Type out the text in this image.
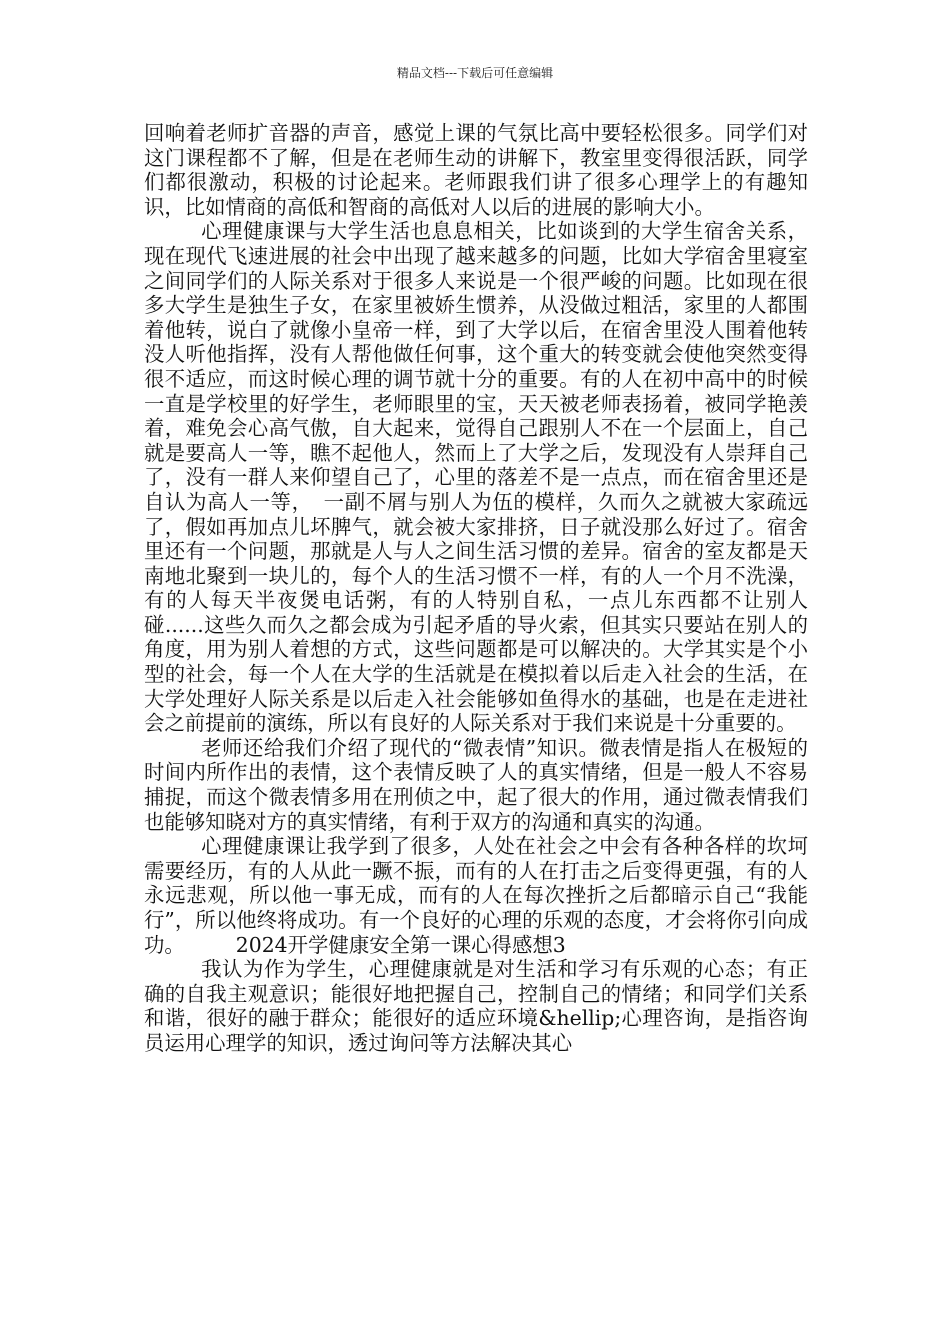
精品文档---下载后可任意编辑

回响着老师扩音器的声音，感觉上课的气氛比高中要轻松很多。同学们对这门课程都不了解，但是在老师生动的讲解下，教室里变得很活跃，同学们都很激动，积极的讨论起来。老师跟我们讲了很多心理学上的有趣知识，比如情商的高低和智商的高低对人以后的进展的影响大小。

心理健康课与大学生活也息息相关，比如谈到的大学生宿舍关系，现在现代飞速进展的社会中出现了越来越多的问题，比如大学宿舍里寝室之间同学们的人际关系对于很多人来说是一个很严峻的问题。比如现在很多大学生是独生子女，在家里被娇生惯养，从没做过粗活，家里的人都围着他转，说白了就像小皇帝一样，到了大学以后，在宿舍里没人围着他转没人听他指挥，没有人帮他做任何事，这个重大的转变就会使他突然变得很不适应，而这时候心理的调节就十分的重要。有的人在初中高中的时候一直是学校里的好学生，老师眼里的宝，天天被老师表扬着，被同学艳羡着，难免会心高气傲，自大起来，觉得自己跟别人不在一个层面上，自己就是要高人一等，瞧不起他人，然而上了大学之后，发现没有人崇拜自己了，没有一群人来仰望自己了，心里的落差不是一点点，而在宿舍里还是自认为高人一等，　一副不屑与别人为伍的模样，久而久之就被大家疏远了，假如再加点儿坏脾气，就会被大家排挤，日子就没那么好过了。宿舍里还有一个问题，那就是人与人之间生活习惯的差异。宿舍的室友都是天南地北聚到一块儿的，每个人的生活习惯不一样，有的人一个月不洗澡，有的人每天半夜煲电话粥，有的人特别自私，一点儿东西都不让别人碰......这些久而久之都会成为引起矛盾的导火索，但其实只要站在别人的角度，用为别人着想的方式，这些问题都是可以解决的。大学其实是个小型的社会，每一个人在大学的生活就是在模拟着以后走入社会的生活，在大学处理好人际关系是以后走入社会能够如鱼得水的基础，也是在走进社会之前提前的演练，所以有良好的人际关系对于我们来说是十分重要的。

老师还给我们介绍了现代的“微表情”知识。微表情是指人在极短的时间内所作出的表情，这个表情反映了人的真实情绪，但是一般人不容易捕捉，而这个微表情多用在刑侦之中，起了很大的作用，通过微表情我们也能够知晓对方的真实情绪，有利于双方的沟通和真实的沟通。

心理健康课让我学到了很多，人处在社会之中会有各种各样的坎坷需要经历，有的人从此一蹶不振，而有的人在打击之后变得更强，有的人永远悲观，所以他一事无成，而有的人在每次挫折之后都暗示自己“我能行”，所以他终将成功。有一个良好的心理的乐观的态度，才会将你引向成功。　　　2024开学健康安全第一课心得感想3

我认为作为学生，心理健康就是对生活和学习有乐观的心态；有正确的自我主观意识；能很好地把握自己，控制自己的情绪；和同学们关系和谐，很好的融于群众；能很好的适应环境&hellip;心理咨询，是指咨询员运用心理学的知识，透过询问等方法解决其心
